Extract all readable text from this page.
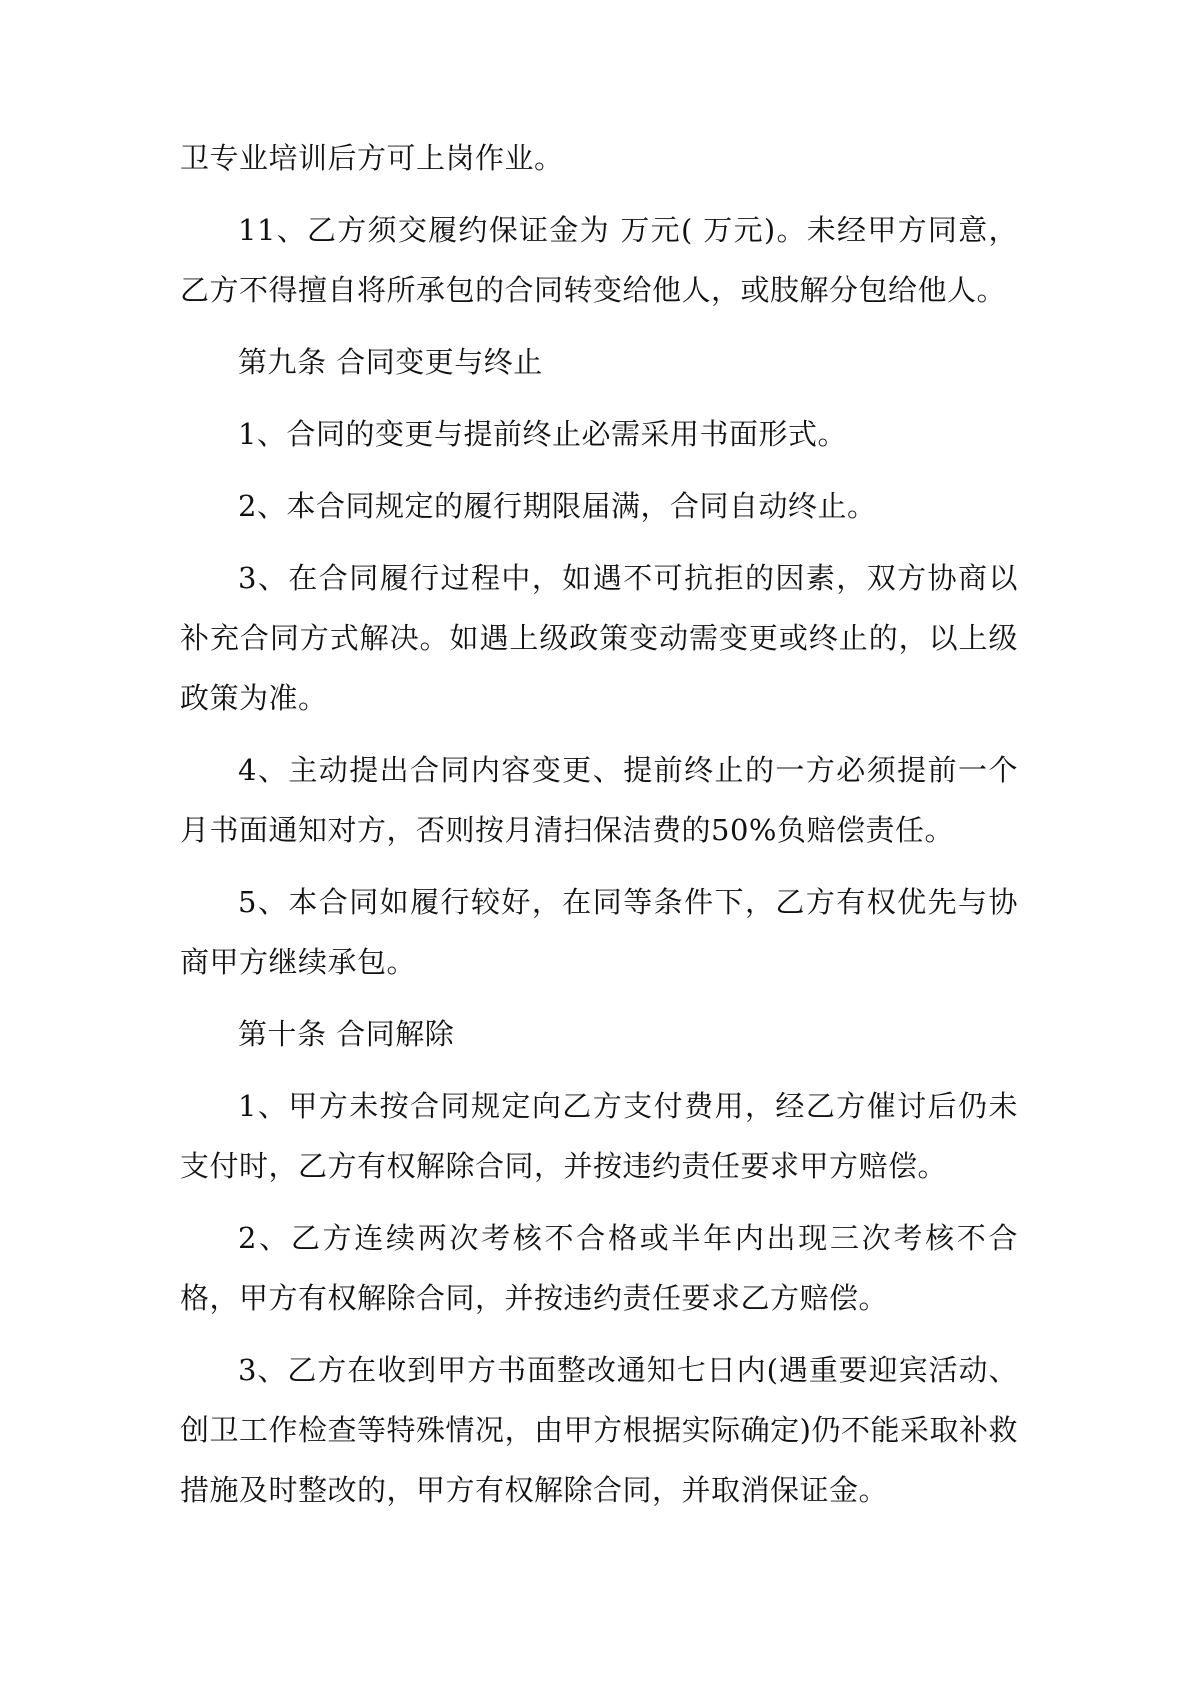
卫专业培训后方可上岗作业。

11、乙方须交履约保证金为 万元( 万元)。未经甲方同意，乙方不得擅自将所承包的合同转变给他人，或肢解分包给他人。

第九条 合同变更与终止

1、合同的变更与提前终止必需采用书面形式。

2、本合同规定的履行期限届满，合同自动终止。

3、在合同履行过程中，如遇不可抗拒的因素，双方协商以补充合同方式解决。如遇上级政策变动需变更或终止的，以上级政策为准。

4、主动提出合同内容变更、提前终止的一方必须提前一个月书面通知对方，否则按月清扫保洁费的50%负赔偿责任。

5、本合同如履行较好，在同等条件下，乙方有权优先与协商甲方继续承包。

第十条 合同解除

1、甲方未按合同规定向乙方支付费用，经乙方催讨后仍未支付时，乙方有权解除合同，并按违约责任要求甲方赔偿。

2、乙方连续两次考核不合格或半年内出现三次考核不合格，甲方有权解除合同，并按违约责任要求乙方赔偿。

3、乙方在收到甲方书面整改通知七日内(遇重要迎宾活动、创卫工作检查等特殊情况，由甲方根据实际确定)仍不能采取补救措施及时整改的，甲方有权解除合同，并取消保证金。
